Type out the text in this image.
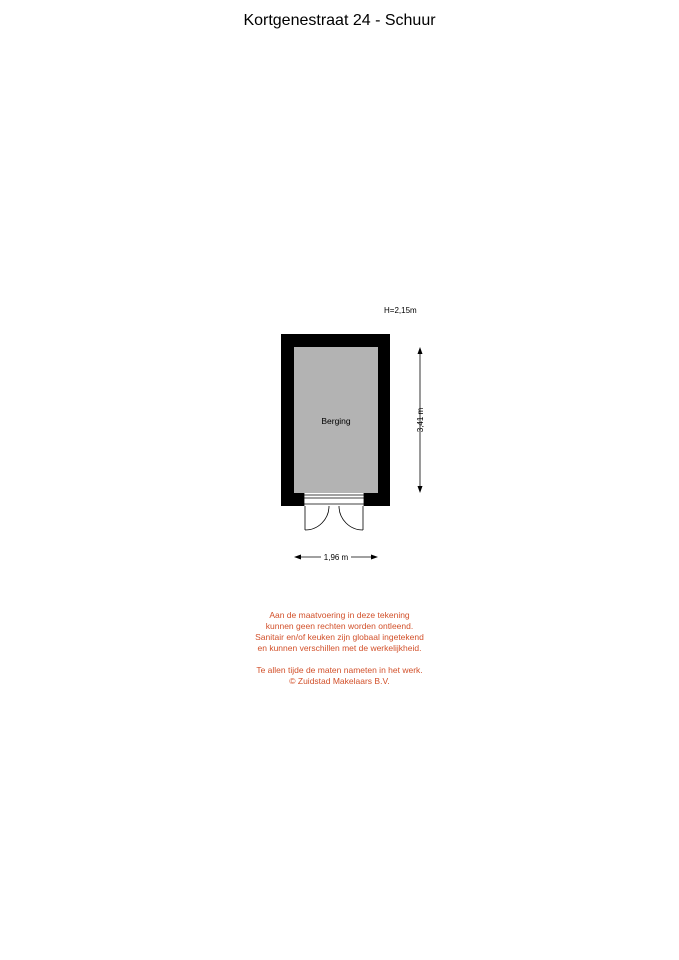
Kortgenestraat 24 - Schuur
H=2,15m
Berging	3,41 m
1,96 m
Aan de maatvoering in deze tekening
kunnen geen rechten worden ontleend.
Sanitair en/of keuken zijn globaal ingetekend
en kunnen verschillen met de werkelijkheid.
Te allen tijde de maten nameten in het werk.
© Zuidstad Makelaars B.V.
